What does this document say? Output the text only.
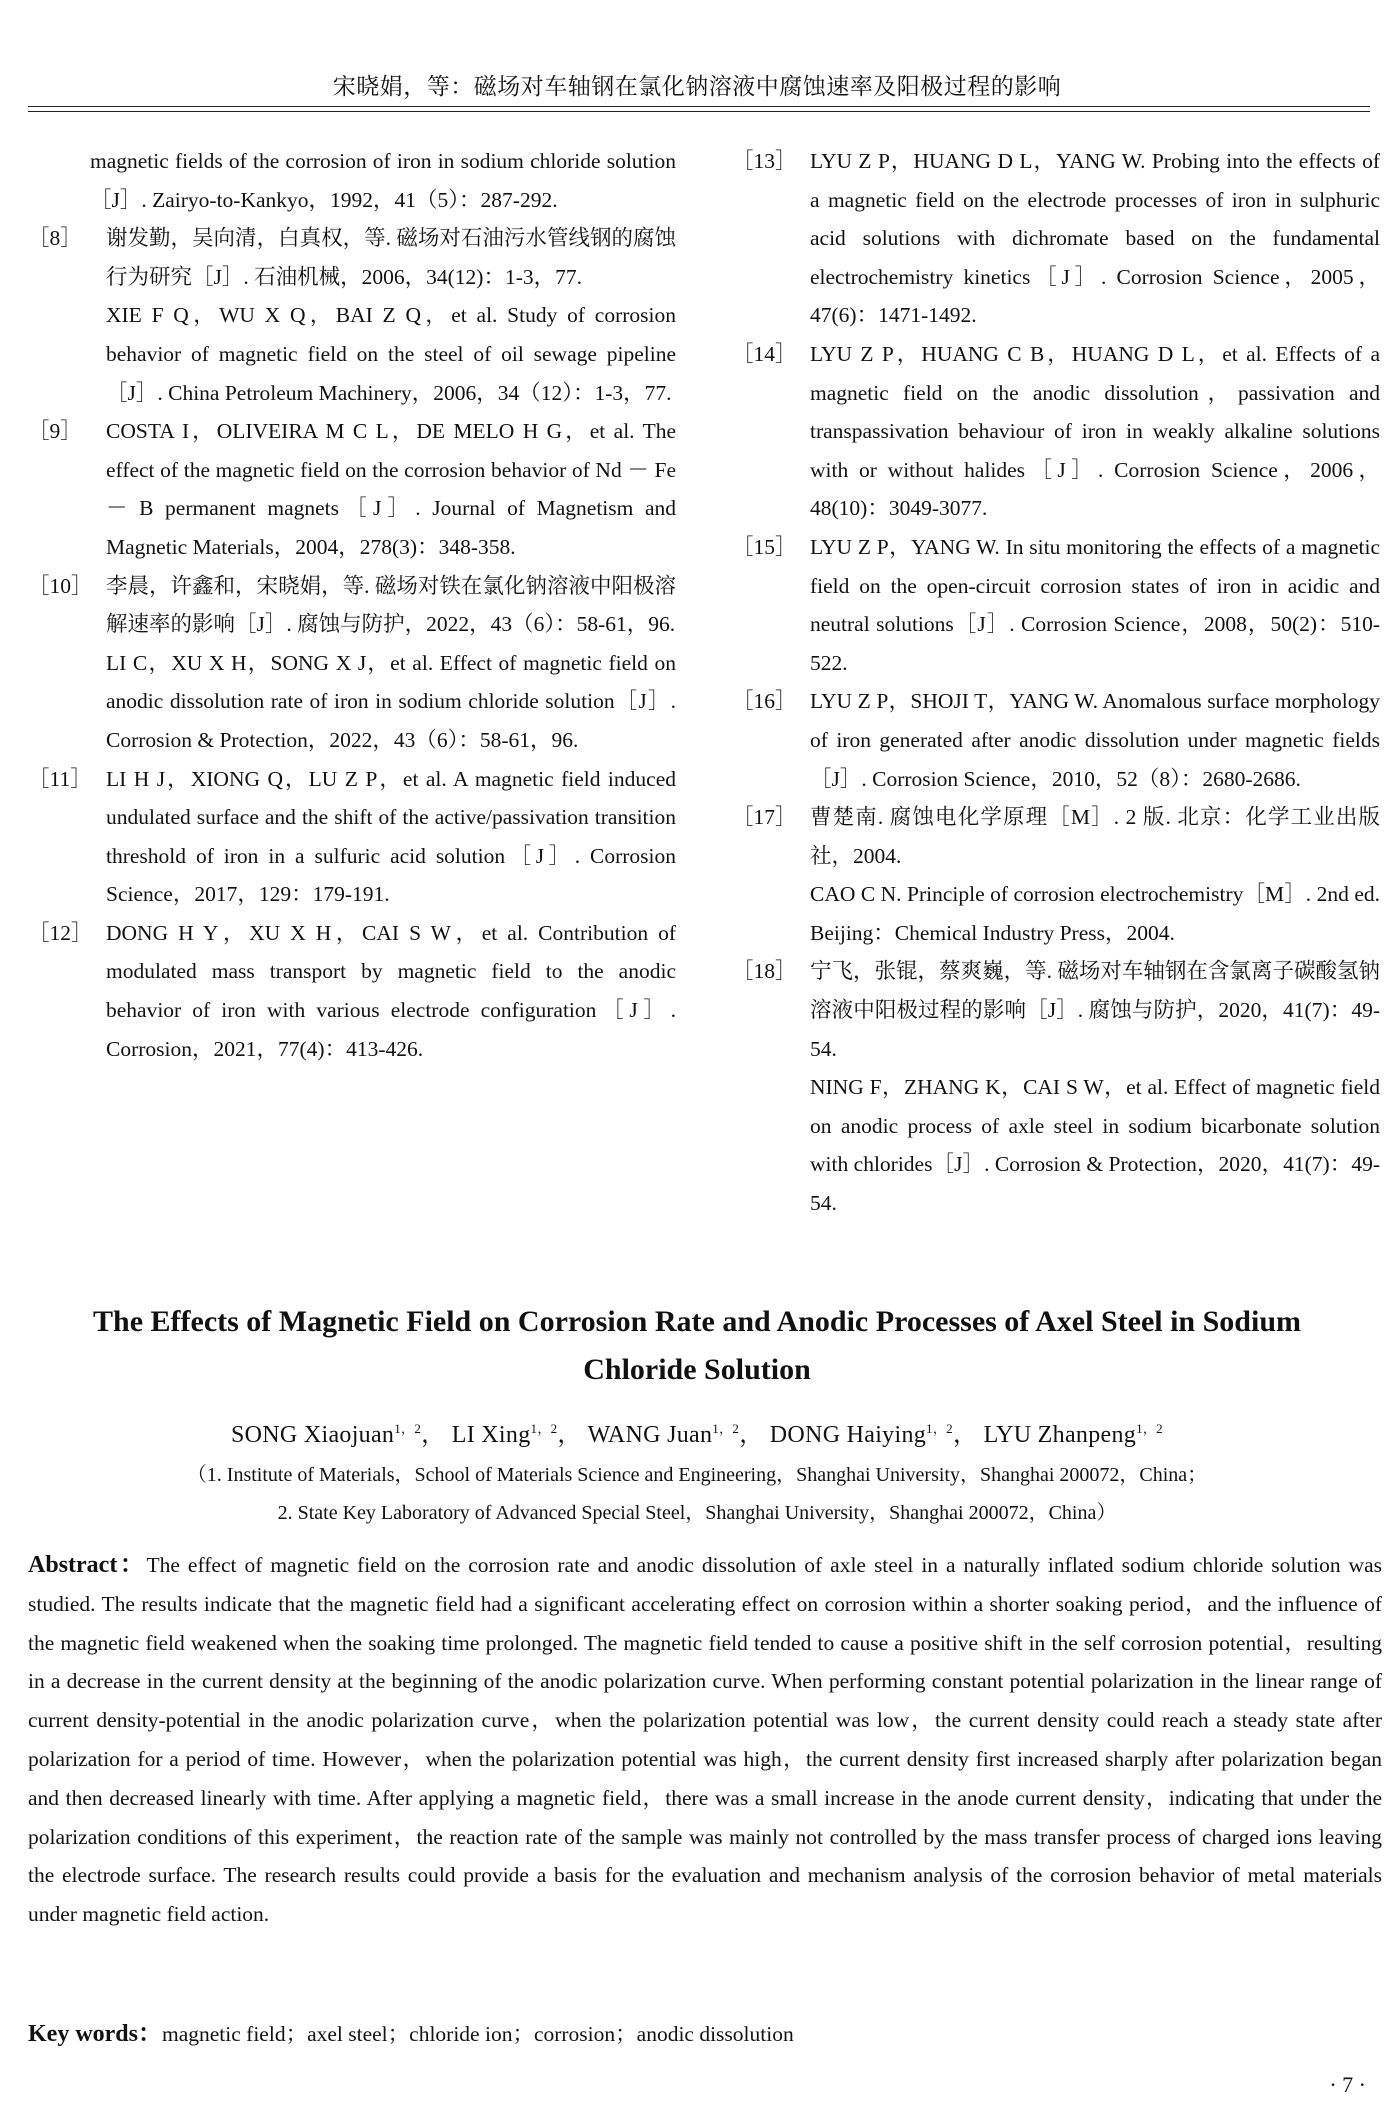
宋晓娟，等：磁场对车轴钢在氯化钠溶液中腐蚀速率及阳极过程的影响

magnetic fields of the corrosion of iron in sodium chloride solution［J］. Zairyo-to-Kankyo，1992，41（5）：287-292.

［8］ 谢发勤，吴向清，白真权，等. 磁场对石油污水管线钢的腐蚀行为研究［J］. 石油机械，2006，34(12)：1-3，77.

XIE F Q，WU X Q，BAI Z Q，et al. Study of corrosion behavior of magnetic field on the steel of oil sewage pipeline［J］. China Petroleum Machinery，2006，34（12）：1-3，77.

［9］ COSTA I，OLIVEIRA M C L，DE MELO H G，et al. The effect of the magnetic field on the corrosion behavior of Nd － Fe － B permanent magnets［J］. Journal of Magnetism and Magnetic Materials，2004，278(3)：348-358.

［10］ 李晨，许鑫和，宋晓娟，等. 磁场对铁在氯化钠溶液中阳极溶解速率的影响［J］. 腐蚀与防护，2022，43（6）：58-61，96.

LI C，XU X H，SONG X J，et al. Effect of magnetic field on anodic dissolution rate of iron in sodium chloride solution［J］. Corrosion & Protection，2022，43（6）：58-61，96.

［11］ LI H J，XIONG Q，LU Z P，et al. A magnetic field induced undulated surface and the shift of the active/passivation transition threshold of iron in a sulfuric acid solution［J］. Corrosion Science，2017，129：179-191.

［12］ DONG H Y，XU X H，CAI S W，et al. Contribution of modulated mass transport by magnetic field to the anodic behavior of iron with various electrode configuration［J］. Corrosion，2021，77(4)：413-426.

［13］ LYU Z P，HUANG D L，YANG W. Probing into the effects of a magnetic field on the electrode processes of iron in sulphuric acid solutions with dichromate based on the fundamental electrochemistry kinetics［J］. Corrosion Science，2005，47(6)：1471-1492.

［14］ LYU Z P，HUANG C B，HUANG D L，et al. Effects of a magnetic field on the anodic dissolution，passivation and transpassivation behaviour of iron in weakly alkaline solutions with or without halides［J］. Corrosion Science，2006，48(10)：3049-3077.

［15］ LYU Z P，YANG W. In situ monitoring the effects of a magnetic field on the open-circuit corrosion states of iron in acidic and neutral solutions［J］. Corrosion Science，2008，50(2)：510-522.

［16］ LYU Z P，SHOJI T，YANG W. Anomalous surface morphology of iron generated after anodic dissolution under magnetic fields［J］. Corrosion Science，2010，52（8）：2680-2686.

［17］ 曹楚南. 腐蚀电化学原理［M］. 2 版. 北京：化学工业出版社，2004.

CAO C N. Principle of corrosion electrochemistry［M］. 2nd ed. Beijing：Chemical Industry Press，2004.

［18］ 宁飞，张锟，蔡爽巍，等. 磁场对车轴钢在含氯离子碳酸氢钠溶液中阳极过程的影响［J］. 腐蚀与防护，2020，41(7)：49-54.

NING F，ZHANG K，CAI S W，et al. Effect of magnetic field on anodic process of axle steel in sodium bicarbonate solution with chlorides［J］. Corrosion & Protection，2020，41(7)：49-54.

The Effects of Magnetic Field on Corrosion Rate and Anodic Processes of Axel Steel in Sodium Chloride Solution

SONG Xiaojuan$^{1,2}$， LI Xing$^{1,2}$， WANG Juan$^{1,2}$， DONG Haiying$^{1,2}$， LYU Zhanpeng$^{1,2}$

（1. Institute of Materials，School of Materials Science and Engineering，Shanghai University，Shanghai 200072，China；
2. State Key Laboratory of Advanced Special Steel，Shanghai University，Shanghai 200072，China）

Abstract：The effect of magnetic field on the corrosion rate and anodic dissolution of axle steel in a naturally inflated sodium chloride solution was studied. The results indicate that the magnetic field had a significant accelerating effect on corrosion within a shorter soaking period，and the influence of the magnetic field weakened when the soaking time prolonged. The magnetic field tended to cause a positive shift in the self corrosion potential，resulting in a decrease in the current density at the beginning of the anodic polarization curve. When performing constant potential polarization in the linear range of current density-potential in the anodic polarization curve，when the polarization potential was low，the current density could reach a steady state after polarization for a period of time. However，when the polarization potential was high，the current density first increased sharply after polarization began and then decreased linearly with time. After applying a magnetic field，there was a small increase in the anode current density，indicating that under the polarization conditions of this experiment，the reaction rate of the sample was mainly not controlled by the mass transfer process of charged ions leaving the electrode surface. The research results could provide a basis for the evaluation and mechanism analysis of the corrosion behavior of metal materials under magnetic field action.

Key words：magnetic field；axel steel；chloride ion；corrosion；anodic dissolution

· 7 ·
